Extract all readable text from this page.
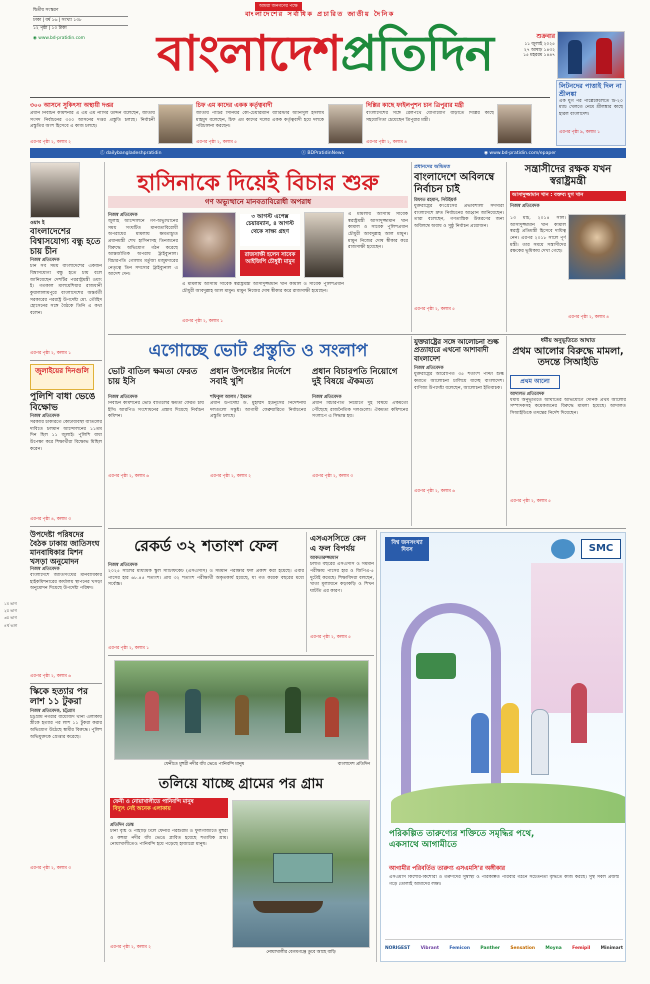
দ্বিতীয় সংস্করণ
ঢাকা | বর্ষ ১৬ | সংখ্যা ১৩৮
১২ পৃষ্ঠা | ১০ টাকা
◉ www.bd-pratidin.com
আমরা জনগণের পক্ষে
বাংলাদেশের সর্বাধিক প্রচারিত জাতীয় দৈনিক
বাংলাদেশপ্রতিদিন	শুক্রবার
১১ জুলাই ২০২৫
২৭ আষাঢ় ১৪৩২
১৫ মহররম ১৪৪৭
৩০০ আসনে সুকিৎসা অস্থায়ী দপ্তর
প্রধান নির্বাচন কমিশনার এ এম এম নাসির উদ্দিন বলেছেন, জাতীয় সংসদ নির্বাচনের ৩০০ আসনের দপ্তর প্রস্তুতি চলছে। নির্বাচনী প্রস্তুতির অংশ হিসেবে এ কাজ চলছে।
এরপর পৃষ্ঠা ২, কলাম ২
চিফ এম কাদের একক কর্তৃত্ববাদী
জাতীয় পার্টির সিনিয়র কো-চেয়ারম্যান ব্যারিস্টার আনিসুল ইসলাম মাহমুদ বলেছেন, চিফ এম কাদের দলের একক কর্তৃত্ববাদী হয়ে দলকে পরিচালনা করছেন।
এরপর পৃষ্ঠা ২, কলাম ৫
দিল্লির কাছে ফাইলপুশন চান ত্রিপুরার মন্ত্রী
বাংলাদেশের সঙ্গে রেলপথে যোগাযোগ বাড়াতে দিল্লির কাছে সহযোগিতা চেয়েছেন ত্রিপুরার মন্ত্রী।
এরপর পৃষ্ঠা ২, কলাম ৪
লিটনদের পাত্তাই দিল না শ্রীলঙ্কা
এক যুগ পর পাল্লেকেলেতে টি-২০ ম্যাচ খেলতে নেমে শ্রীলঙ্কার কাছে হারল বাংলাদেশ।
এরপর পৃষ্ঠা ৯, কলাম ১
ⓕ dailybangladeshpratidin	ⓧ BDPratidinNews	◉ www.bd-pratidin.com/epaper
ওয়াং ই
বাংলাদেশের বিশ্বাসযোগ্য বন্ধু হতে চায় চীন
নিজস্ব প্রতিবেদক
চীন সব সময় বাংলাদেশের একজন বিশ্বাসযোগ্য বন্ধু হতে চায় বলে জানিয়েছেন দেশটির পররাষ্ট্রমন্ত্রী ওয়াং ই। গতকাল মালয়েশিয়ার রাজধানী কুয়ালালামপুরে বাংলাদেশের অন্তর্বর্তী সরকারের পররাষ্ট্র উপদেষ্টা মো. তৌহিদ হোসেনের সঙ্গে বৈঠকে তিনি এ কথা বলেন।
এরপর পৃষ্ঠা ২, কলাম ১
জুলাইয়ের দিনগুলি
পুলিশি বাধা ভেঙে বিক্ষোভ
নিজস্ব প্রতিবেদক
সরকারি চাকরিতে কোটাব্যবস্থা বাতিলের দাবিতে চলমান আন্দোলনের ১১তম দিন ছিল ১১ জুলাই। পুলিশি বাধা উপেক্ষা করে শিক্ষার্থীরা বিক্ষোভ মিছিল করেন।
এরপর পৃষ্ঠা ৪, কলাম ৩
উপদেষ্টা পরিষদের বৈঠক ঢাকায় জাতিসংঘ মানবাধিকার মিশন খসড়া অনুমোদন
নিজস্ব প্রতিবেদক
বাংলাদেশে জাতিসংঘের মানবাধিকার হাইকমিশনারের কার্যালয় স্থাপনের খসড়া অনুমোদন দিয়েছে উপদেষ্টা পরিষদ।
এরপর পৃষ্ঠা ২, কলাম ৬
স্কিকে হত্যার পর লাশ ১১ টুকরা
নিজস্ব প্রতিবেদক, চট্টগ্রাম
চট্টগ্রাম নগরীর বায়েজিদ থানা এলাকায় স্ত্রীকে হত্যার পর লাশ ১১ টুকরা করার অভিযোগ উঠেছে স্বামীর বিরুদ্ধে। পুলিশ অভিযুক্তকে গ্রেপ্তার করেছে।
এরপর পৃষ্ঠা ২, কলাম ৩
হাসিনাকে দিয়েই বিচার শুরু
গণ অভ্যুত্থানে মানবতাবিরোধী অপরাধ
নিজস্ব প্রতিবেদক
জুলাই আন্দোলনে গণ-অভ্যুত্থানের সময় সংঘটিত মানবতাবিরোধী অপরাধের মামলায় ক্ষমতাচ্যুত প্রধানমন্ত্রী শেখ হাসিনাসহ তিনজনের বিরুদ্ধে অভিযোগ গঠন করেছে আন্তর্জাতিক অপরাধ ট্রাইব্যুনাল। বিচারপতি গোলাম মর্তুজা মজুমদারের নেতৃত্বে তিন সদস্যের ট্রাইব্যুনাল এ আদেশ দেন।
৩ আগস্ট এপেক্স চেয়ারম্যান, ৪ আগস্ট থেকে সাক্ষ্য গ্রহণ
রাজসাক্ষী হলেন সাবেক আইজিপি চৌধুরী মামুন
এ মামলায় আসামি সাবেক স্বরাষ্ট্রমন্ত্রী আসাদুজ্জামান খান কামাল ও সাবেক পুলিশপ্রধান চৌধুরী আবদুল্লাহ আল মামুন। মামুন নিজের দোষ স্বীকার করে রাজসাক্ষী হয়েছেন।
এরপর পৃষ্ঠা ২, কলাম ১
এ মামলায় আসামি সাবেক স্বরাষ্ট্রমন্ত্রী আসাদুজ্জামান খান কামাল ও সাবেক পুলিশপ্রধান চৌধুরী আবদুল্লাহ আল মামুন। মামুন নিজের দোষ স্বীকার করে রাজসাক্ষী হয়েছেন।
প্রধানদের অভিমত
বাংলাদেশে অবিলম্বে নির্বাচন চাই
রিফাত রহমান, নিউইয়র্ক
যুক্তরাষ্ট্রের কংগ্রেসের প্রভাবশালী সদস্যরা বাংলাদেশে দ্রুত নির্বাচনের আহ্বান জানিয়েছেন। তারা বলেছেন, গণতান্ত্রিক উত্তরণের জন্য অবিলম্বে অবাধ ও সুষ্ঠু নির্বাচন প্রয়োজন।
এরপর পৃষ্ঠা ২, কলাম ৫
সন্ত্রাসীদের রক্ষক যখন স্বরাষ্ট্রমন্ত্রী
আসাদুজ্জামান খান : বক্তব্য যুগ খান
নিজস্ব প্রতিবেদক
১৩ মার্চ, ২০১৪ সাল। আসাদুজ্জামান খান কামাল স্বরাষ্ট্র প্রতিমন্ত্রী হিসেবে দায়িত্ব নেন। এরপর ২০১৮ সালে পূর্ণ মন্ত্রী। তার সময়ে সন্ত্রাসীদের রক্ষকের ভূমিকায় দেখা গেছে।
এরপর পৃষ্ঠা ২, কলাম ৪
এগোচ্ছে ভোট প্রস্তুতি ও সংলাপ
ভোট বাতিল ক্ষমতা ফেরত চায় ইসি
প্রধান উপদেষ্টার নির্দেশে সবাই খুশি
প্রধান বিচারপতি নিয়োগে দুই বিষয়ে ঐকমত্য
নিজস্ব প্রতিবেদক
নির্বাচন কমিশনের ভোট বাতিলের ক্ষমতা ফেরত চায় ইসি। আরপিও সংশোধনের প্রস্তাব দিয়েছে নির্বাচন কমিশন।
এরপর পৃষ্ঠা ২, কলাম ৬
শফিকুল আলম / ইমরান
প্রধান উপদেষ্টা ড. মুহাম্মদ ইউনূসের নির্দেশনায় দলগুলো সন্তুষ্ট। আগামী ফেব্রুয়ারিতে নির্বাচনের প্রস্তুতি চলছে।
এরপর পৃষ্ঠা ২, কলাম ২
নিজস্ব প্রতিবেদক
প্রধান বিচারপতি নিয়োগে দুই বিষয়ে ঐকমত্যে পৌঁছেছে রাজনৈতিক দলগুলো। ঐকমত্য কমিশনের সংলাপে এ সিদ্ধান্ত হয়।
এরপর পৃষ্ঠা ২, কলাম ৩
যুক্তরাষ্ট্রের সঙ্গে আলোচনা শুল্ক প্রত্যাহারে এখনো আশাবাদী বাংলাদেশ
নিজস্ব প্রতিবেদক
যুক্তরাষ্ট্রের আরোপিত ৩৫ শতাংশ পাল্টা শুল্ক কমাতে আলোচনা চালিয়ে যাচ্ছে বাংলাদেশ। বাণিজ্য উপদেষ্টা বলেছেন, আলোচনা ইতিবাচক।
এরপর পৃষ্ঠা ২, কলাম ৬
ধর্মীয় অনুভূতিতে আঘাত
প্রথম আলোর বিরুদ্ধে মামলা, তদন্তে সিআইডি
প্রথম আলো
আদালত প্রতিবেদক
ধর্মীয় অনুভূতিতে আঘাতের অভিযোগে দৈনিক প্রথম আলোর সম্পাদকসহ কয়েকজনের বিরুদ্ধে মামলা হয়েছে। আদালত সিআইডিকে তদন্তের নির্দেশ দিয়েছেন।
এরপর পৃষ্ঠা ২, কলাম ৫
রেকর্ড ৩২ শতাংশ ফেল
নিজস্ব প্রতিবেদক
২০২৫ সালের মাধ্যমিক স্কুল সার্টিফিকেট (এসএসসি) ও সমমান পরীক্ষার ফল প্রকাশ করা হয়েছে। এবার পাসের হার ৬৮.৪৫ শতাংশ। প্রায় ৩২ শতাংশ পরীক্ষার্থী অকৃতকার্য হয়েছে, যা গত কয়েক বছরের মধ্যে সর্বোচ্চ।
এরপর পৃষ্ঠা ২, কলাম ১
এসএসসিতে কেন এ ফল বিপর্যয়
আকতারুজ্জামান
চলতি বছরের এসএসসি ও সমমান পরীক্ষায় পাসের হার ও জিপিএ-৫ দুটোই কমেছে। শিক্ষাবিদরা বলছেন, খাতা মূল্যায়নে কড়াকড়ি ও শিখন ঘাটতি এর কারণ।
এরপর পৃষ্ঠা ২, কলাম ৫
ফেনীতে মুহুরী নদীর বাঁধ ভেঙে পানিবন্দি মানুষ	বাংলাদেশ প্রতিদিন
তলিয়ে যাচ্ছে গ্রামের পর গ্রাম
ফেনী ও নোয়াখালীতে পানিবন্দি মানুষ
বিদ্যুৎ নেই অনেক এলাকায়
প্রতিদিন ডেস্ক
টানা বৃষ্টি ও পাহাড়ি ঢলে ফেনীর পরশুরাম ও ফুলগাজীতে মুহুরী ও কহুয়া নদীর বাঁধ ভেঙে প্লাবিত হয়েছে শতাধিক গ্রাম। নোয়াখালীতেও পানিবন্দি হয়ে পড়েছে হাজারো মানুষ।
এরপর পৃষ্ঠা ২, কলাম ২
নোয়াখালীর বেগমগঞ্জে ডুবে আছে বাড়ি
বিশ্ব জনসংখ্যা দিবস	SMC
পরিকল্পিত তারুণ্যের শক্তিতে সমৃদ্ধির পথে, একসাথে আগামীতে
আগামীর পরিবর্তিত তারুণ্য এসএমসি'র অঙ্গীকার
এসএমসি কিশোর-কিশোরী ও তরুণদের সুস্বাস্থ্য ও পরিকল্পিত পরিবার গঠনে সচেতনতা বৃদ্ধিতে কাজ করছে। সুস্থ সবল প্রজন্ম গড়ে তোলাই আমাদের লক্ষ্য।
NORIGEST Vibrant Femicon Panther Sensation Moyna Femipil Minimart
১ম ভাগ
২য় ভাগ
৩য় ভাগ
৪র্থ ভাগ
